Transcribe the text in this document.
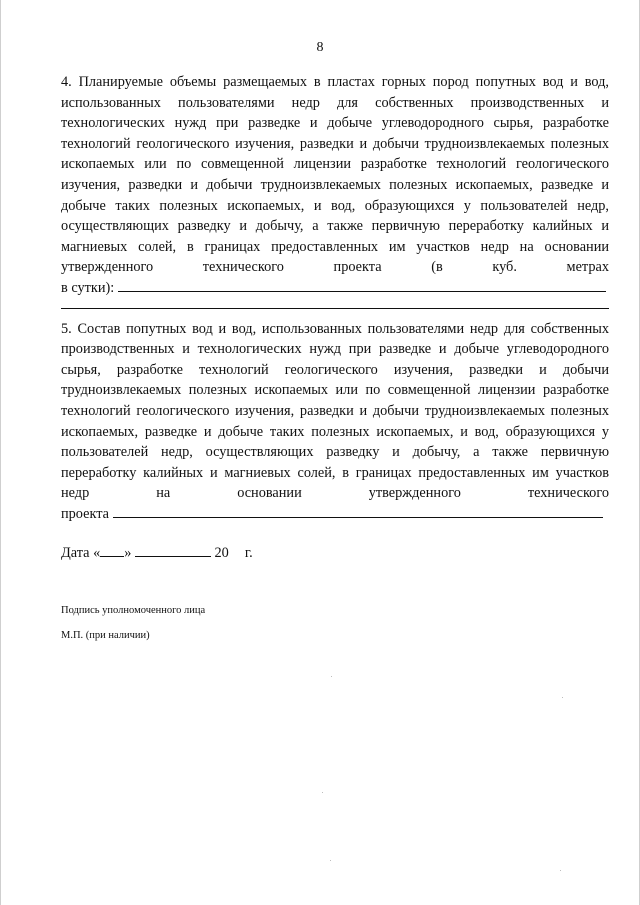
8

4. Планируемые объемы размещаемых в пластах горных пород попутных вод и вод, использованных пользователями недр для собственных производственных и технологических нужд при разведке и добыче углеводородного сырья, разработке технологий геологического изучения, разведки и добычи трудноизвлекаемых полезных ископаемых или по совмещенной лицензии разработке технологий геологического изучения, разведки и добычи трудноизвлекаемых полезных ископаемых, разведке и добыче таких полезных ископаемых, и вод, образующихся у пользователей недр, осуществляющих разведку и добычу, а также первичную переработку калийных и магниевых солей, в границах предоставленных им участков недр на основании утвержденного технического проекта (в куб. метрах
в сутки):

5. Состав попутных вод и вод, использованных пользователями недр для собственных производственных и технологических нужд при разведке и добыче углеводородного сырья, разработке технологий геологического изучения, разведки и добычи трудноизвлекаемых полезных ископаемых или по совмещенной лицензии разработке технологий геологического изучения, разведки и добычи трудноизвлекаемых полезных ископаемых, разведке и добыче таких полезных ископаемых, и вод, образующихся у пользователей недр, осуществляющих разведку и добычу, а также первичную переработку калийных и магниевых солей, в границах предоставленных им участков недр на основании утвержденного технического
проекта

Дата « »	20 г.
Подпись уполномоченного лица
М.П. (при наличии)
